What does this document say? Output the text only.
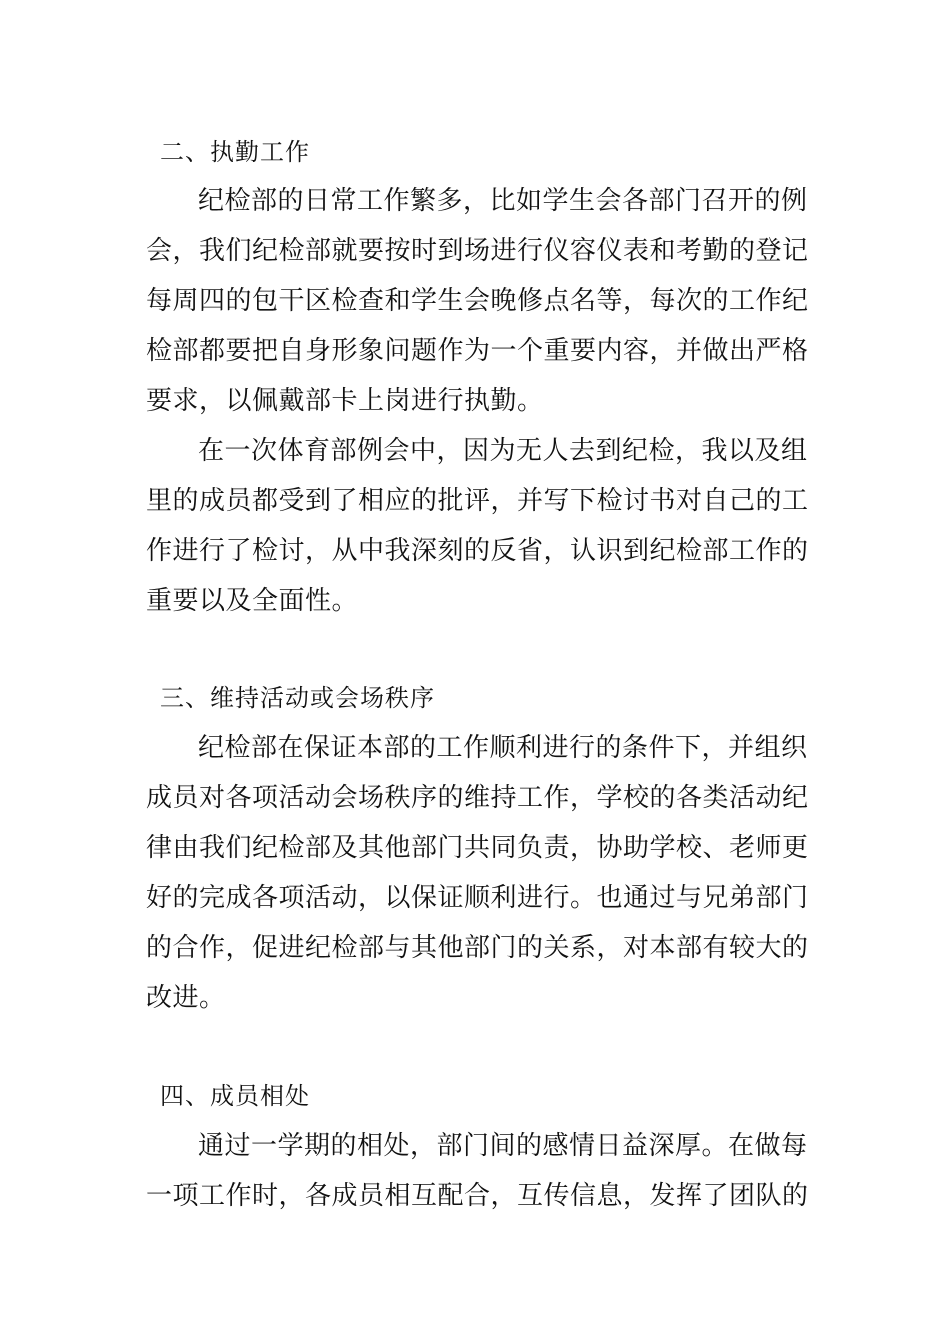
二、执勤工作
纪检部的日常工作繁多，比如学生会各部门召开的例
会，我们纪检部就要按时到场进行仪容仪表和考勤的登记
每周四的包干区检查和学生会晚修点名等，每次的工作纪
检部都要把自身形象问题作为一个重要内容，并做出严格
要求，以佩戴部卡上岗进行执勤。
在一次体育部例会中，因为无人去到纪检，我以及组
里的成员都受到了相应的批评，并写下检讨书对自己的工
作进行了检讨，从中我深刻的反省，认识到纪检部工作的
重要以及全面性。
三、维持活动或会场秩序
纪检部在保证本部的工作顺利进行的条件下，并组织
成员对各项活动会场秩序的维持工作，学校的各类活动纪
律由我们纪检部及其他部门共同负责，协助学校、老师更
好的完成各项活动，以保证顺利进行。也通过与兄弟部门
的合作，促进纪检部与其他部门的关系，对本部有较大的
改进。
四、成员相处
通过一学期的相处，部门间的感情日益深厚。在做每
一项工作时，各成员相互配合，互传信息，发挥了团队的
